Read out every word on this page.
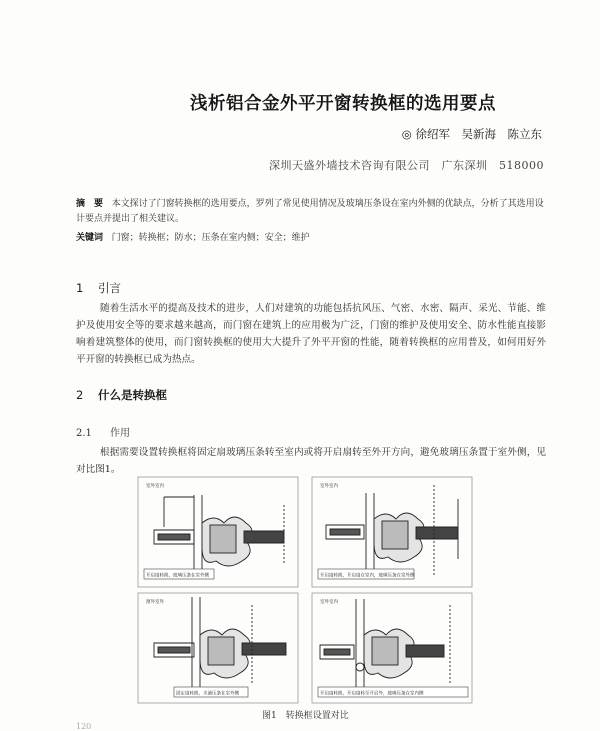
浅析铝合金外平开窗转换框的选用要点
◎ 徐绍军　吴新海　陈立东
深圳天盛外墙技术咨询有限公司　广东深圳　518000
摘　要 本文探讨了门窗转换框的选用要点，罗列了常见使用情况及玻璃压条设在室内外侧的优缺点，分析了其选用设计要点并提出了相关建议。
关键词 门窗；转换框；防水；压条在室内侧；安全；维护
1 引言
随着生活水平的提高及技术的进步，人们对建筑的功能包括抗风压、气密、水密、隔声、采光、节能、维护及使用安全等的要求越来越高，而门窗在建筑上的应用极为广泛，门窗的维护及使用安全、防水性能直接影响着建筑整体的使用，而门窗转换框的使用大大提升了外平开窗的性能，随着转换框的应用普及，如何用好外平开窗的转换框已成为热点。
2 什么是转换框
2.1 作用
根据需要设置转换框将固定扇玻璃压条转至室内或将开启扇转至外开方向，避免玻璃压条置于室外侧，见对比图1。
开启扇转换，玻璃压条在室外侧
室外室内
开启扇转换，开启扇在室内，玻璃压条在室外侧
室外室内
固定扇转换，水滴压条在室外侧
窗外室外
开启扇转换，开启扇转至开启外，玻璃压条在室内侧
室外室内
图1　转换框设置对比
120
